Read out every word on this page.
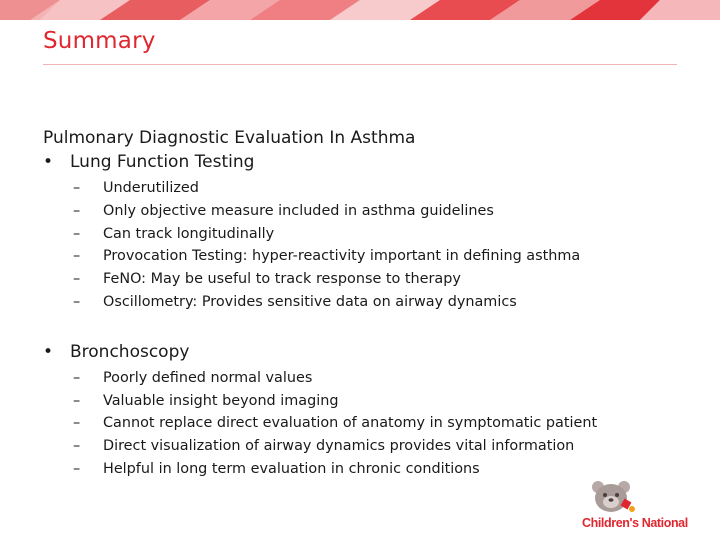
Summary

Pulmonary Diagnostic Evaluation In Asthma

• Lung Function Testing
–	Underutilized
–	Only objective measure included in asthma guidelines
–	Can track longitudinally
–	Provocation Testing: hyper-reactivity important in defining asthma
–	FeNO: May be useful to track response to therapy
–	Oscillometry: Provides sensitive data on airway dynamics
• Bronchoscopy
–	Poorly defined normal values
–	Valuable insight beyond imaging
–	Cannot replace direct evaluation of anatomy in symptomatic patient
–	Direct visualization of airway dynamics provides vital information
–	Helpful in long term evaluation in chronic conditions
Children's National
